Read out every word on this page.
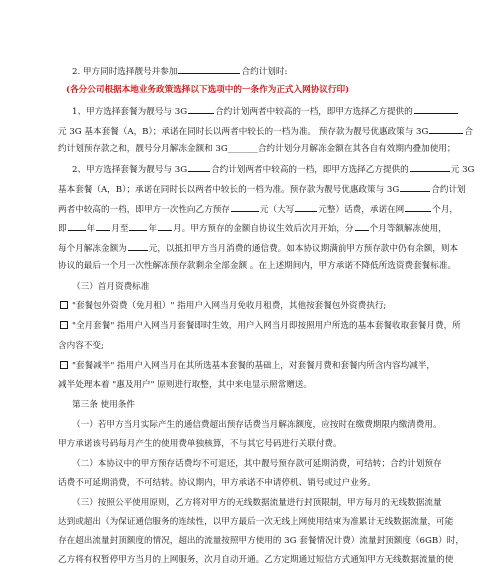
2. 甲方同时选择靓号并参加	合约计划时:
(各分公司根据本地业务政策选择以下选项中的一条作为正式入网协议行印)
1、甲方选择套餐为靓号与 3G	合约计划两者中较高的一档，即甲方选择乙方提供的
元 3G 基本套餐（A，B）；承诺在同时长以两者中较长的一档为准。 预存款为靓号优惠政策与 3G	合
约计划预存款之和，靓号分月解冻金额和 3G_______合约计划分月解冻金额在其各自有效期内叠加使用；
2、甲方选择套餐为靓号与 3G	合约计划两者中较高的一档，即甲方选择乙方提供的	元 3G
基本套餐（A，B）；承诺在同时长以两者中较长的一档为准。预存款为靓号优惠政策与 3G	合约计划
两者中较高的一档，即甲方一次性向乙方预存	元（大写	元整）话费，承诺在网	个月，
即 年 月至 年 月。甲方预存的金额自协议生效后次月开始，分 个月等额解冻使用，
每个月解冻金额为	元，以抵扣甲方当月消费的通信费。如本协议期满前甲方预存款中仍有余额，则本
协议的最后一个月一次性解冻预存款剩余全部金额 。在上述期间内，甲方承诺不降低所选资费套餐标准。
（三）首月资费标准
"套餐包外资费（免月租）" 指用户入网当月免收月租费，其他按套餐包外资费执行;
"全月套餐" 指用户入网当月套餐即时生效，用户入网当月即按照用户所选的基本套餐收取套餐月费，所
含内容不变;
"套餐减半" 指用户入网当月在其所选基本套餐的基础上，对套餐月费和套餐内所含内容均减半，
减半处理本着 "惠及用户" 原则进行取整，其中来电显示照常赠送。
第三条 使用条件
（一）若甲方当月实际产生的通信费超出预存话费当月解冻额度，应按时在缴费期限内缴清费用。
甲方承诺该号码每月产生的使用费单独核算，不与其它号码进行关联付费。
（二）本协议中的甲方预存话费均不可退还，其中靓号预存款可延期消费，可结转；合约计划预存
话费不可延期消费，不可结转。协议期内，甲方承诺不申请停机、销号或过户业务。
（三）按照公平使用原则，乙方将对甲方的无线数据流量进行封顶限制，甲方每月的无线数据流量
达到或超出（为保证通信服务的连续性，以甲方最后一次无线上网使用结束为准累计无线数据流量，可能
存在超出流量封顶额度的情况，超出的流量按照甲方使用的 3G 套餐情况计费）流量封顶额度（6GB）时，
乙方将有权暂停甲方当月的上网服务，次月自动开通。乙方定期通过短信方式通知甲方无线数据流量的使
